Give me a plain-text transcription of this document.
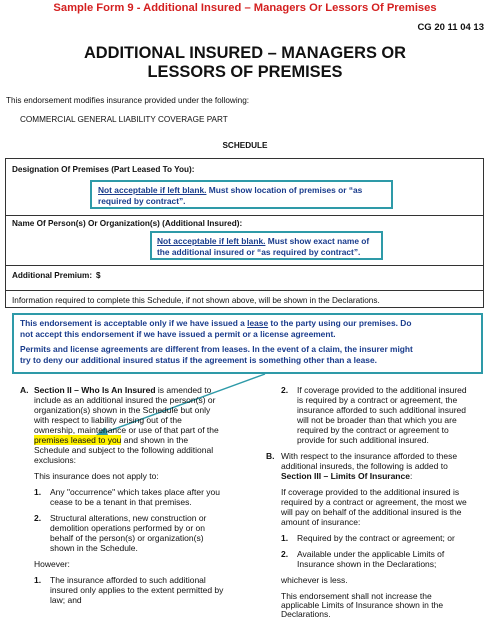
Sample Form 9 - Additional Insured – Managers Or Lessors Of Premises
CG 20 11 04 13
ADDITIONAL INSURED – MANAGERS OR
LESSORS OF PREMISES
This endorsement modifies insurance provided under the following:
COMMERCIAL GENERAL LIABILITY COVERAGE PART
SCHEDULE
Designation Of Premises (Part Leased To You):
Name Of Person(s) Or Organization(s) (Additional Insured):
Additional Premium: $
Information required to complete this Schedule, if not shown above, will be shown in the Declarations.
Not acceptable if left blank. Must show location of premises or “as
required by contract”.
Not acceptable if left blank. Must show exact name of
the additional insured or “as required by contract”.
This endorsement is acceptable only if we have issued a lease to the party using our premises. Do
not accept this endorsement if we have issued a permit or a license agreement.
Permits and license agreements are different from leases. In the event of a claim, the insurer might
try to deny our additional insured status if the agreement is something other than a lease.
A. Section II – Who Is An Insured is amended to
include as an additional insured the person(s) or
organization(s) shown in the Schedule but only
with respect to liability arising out of the
ownership, maintenance or use of that part of the
premises leased to you and shown in the
Schedule and subject to the following additional
exclusions:
This insurance does not apply to:
1. Any "occurrence" which takes place after you
cease to be a tenant in that premises.
2. Structural alterations, new construction or
demolition operations performed by or on
behalf of the person(s) or organization(s)
shown in the Schedule.
However:
1. The insurance afforded to such additional
insured only applies to the extent permitted by
law; and
2. If coverage provided to the additional insured
is required by a contract or agreement, the
insurance afforded to such additional insured
will not be broader than that which you are
required by the contract or agreement to
provide for such additional insured.
B. With respect to the insurance afforded to these
additional insureds, the following is added to
Section III – Limits Of Insurance:
If coverage provided to the additional insured is
required by a contract or agreement, the most we
will pay on behalf of the additional insured is the
amount of insurance:
1. Required by the contract or agreement; or
2. Available under the applicable Limits of
Insurance shown in the Declarations;
whichever is less.
This endorsement shall not increase the
applicable Limits of Insurance shown in the
Declarations.
